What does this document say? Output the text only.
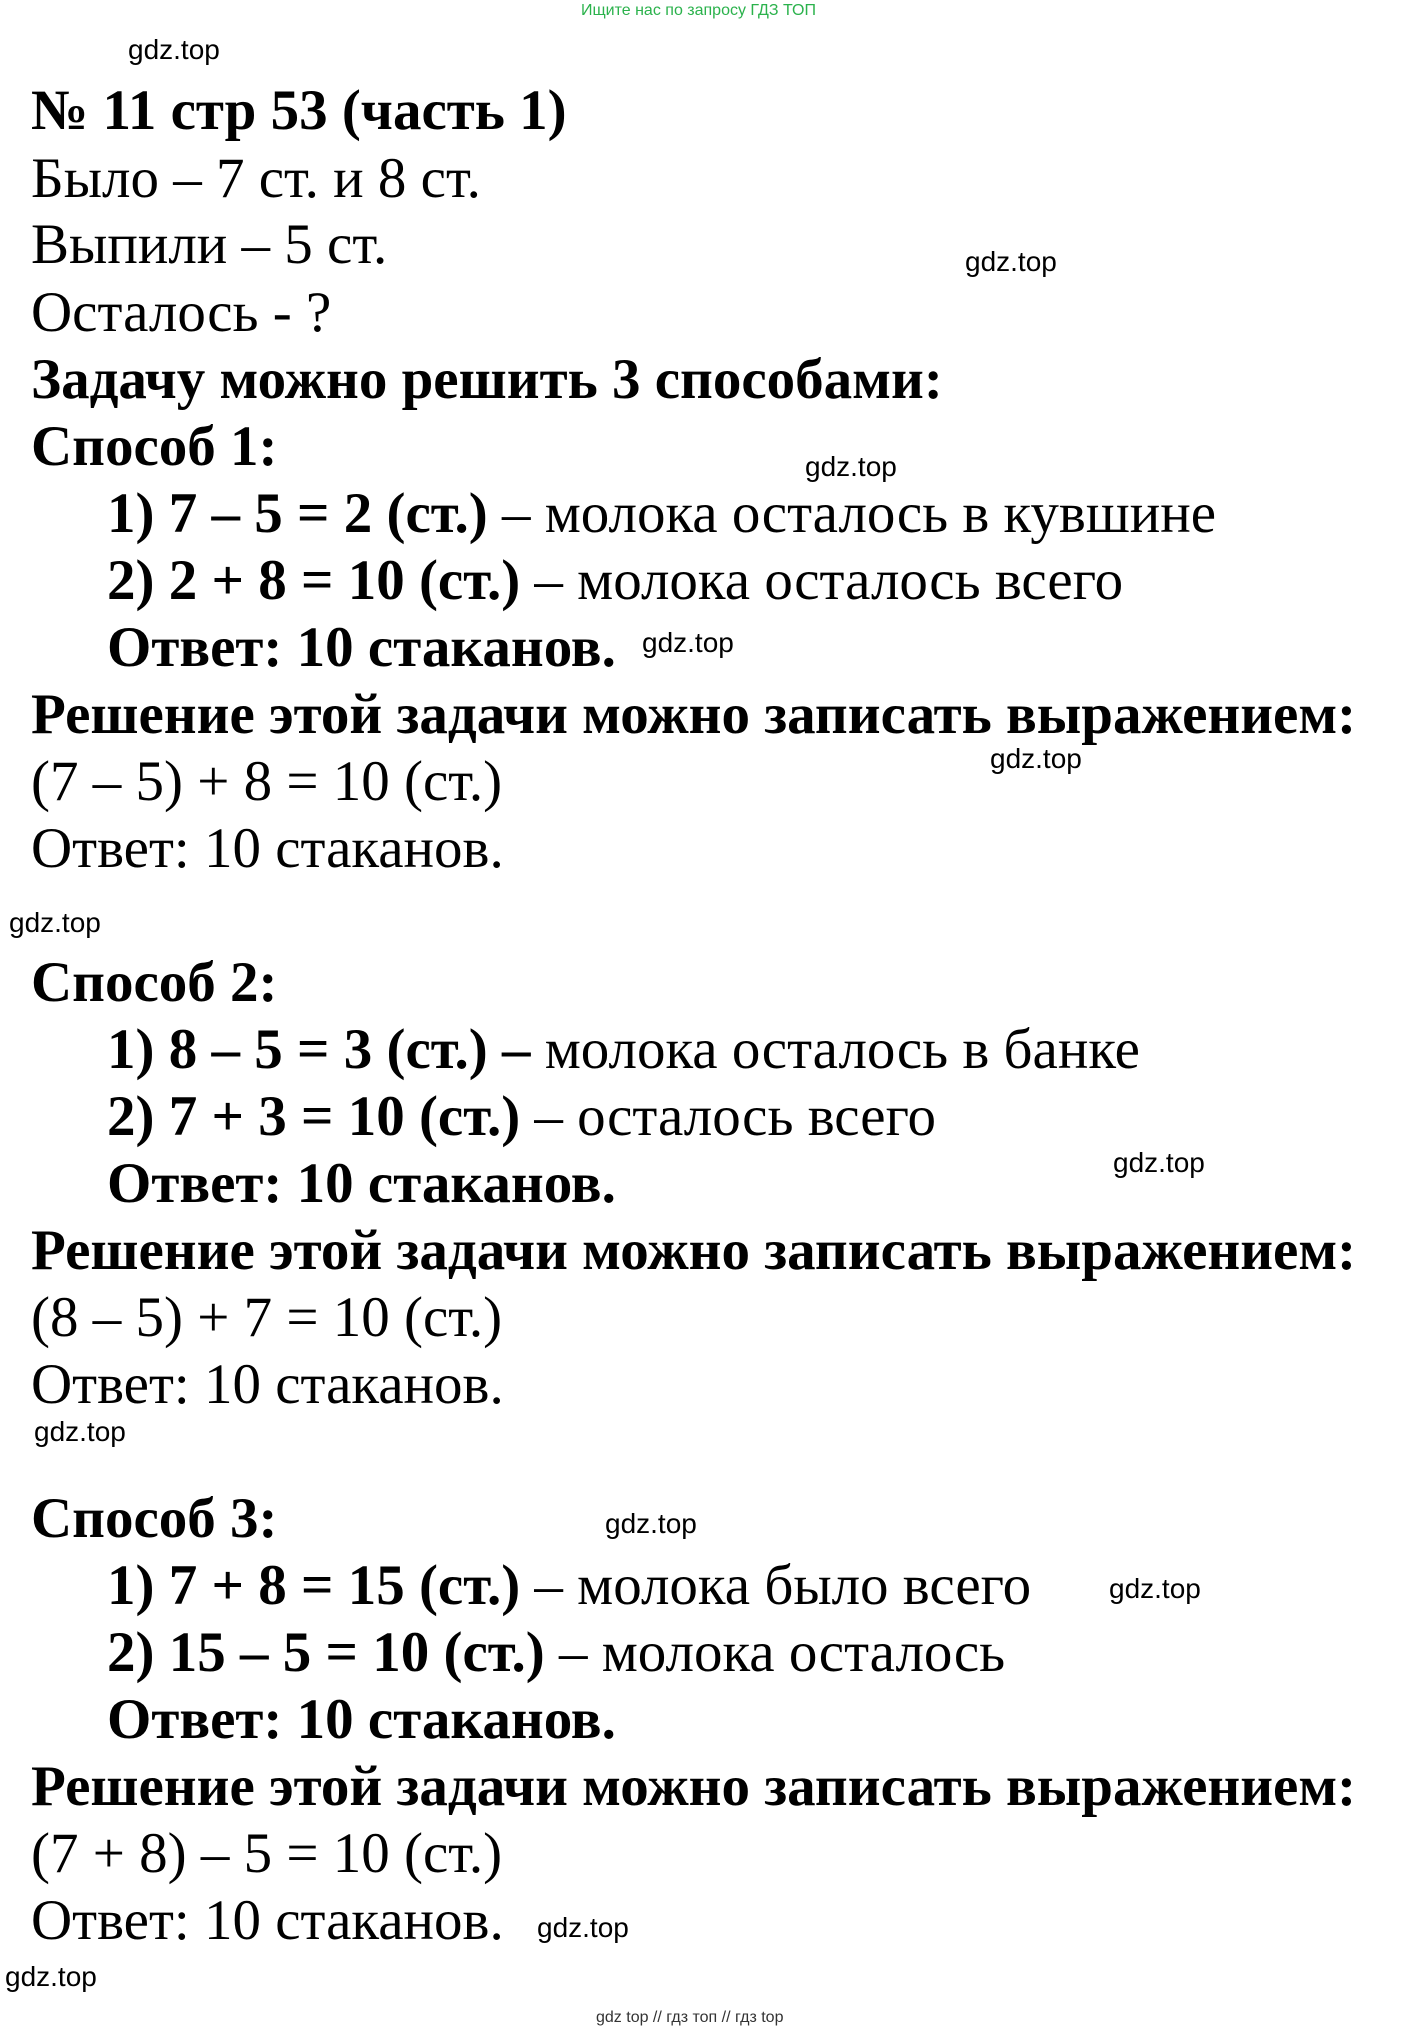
Ищите нас по запросу ГДЗ ТОП
gdz.top
gdz.top
gdz.top
gdz.top
gdz.top
gdz.top
gdz.top
gdz.top
gdz.top
gdz.top
gdz.top
gdz.top
№ 11 стр 53 (часть 1)
Было – 7 ст. и 8 ст.
Выпили – 5 ст.
Осталось - ?
Задачу можно решить 3 способами:
Способ 1:
1) 7 – 5 = 2 (ст.) – молока осталось в кувшине
2) 2 + 8 = 10 (ст.) – молока осталось всего
Ответ: 10 стаканов.
Решение этой задачи можно записать выражением:
(7 – 5) + 8 = 10 (ст.)
Ответ: 10 стаканов.
Способ 2:
1) 8 – 5 = 3 (ст.) – молока осталось в банке
2) 7 + 3 = 10 (ст.) – осталось всего
Ответ: 10 стаканов.
Решение этой задачи можно записать выражением:
(8 – 5) + 7 = 10 (ст.)
Ответ: 10 стаканов.
Способ 3:
1) 7 + 8 = 15 (ст.) – молока было всего
2) 15 – 5 = 10 (ст.) – молока осталось
Ответ: 10 стаканов.
Решение этой задачи можно записать выражением:
(7 + 8) – 5 = 10 (ст.)
Ответ: 10 стаканов.
gdz top // гдз топ // гдз top
